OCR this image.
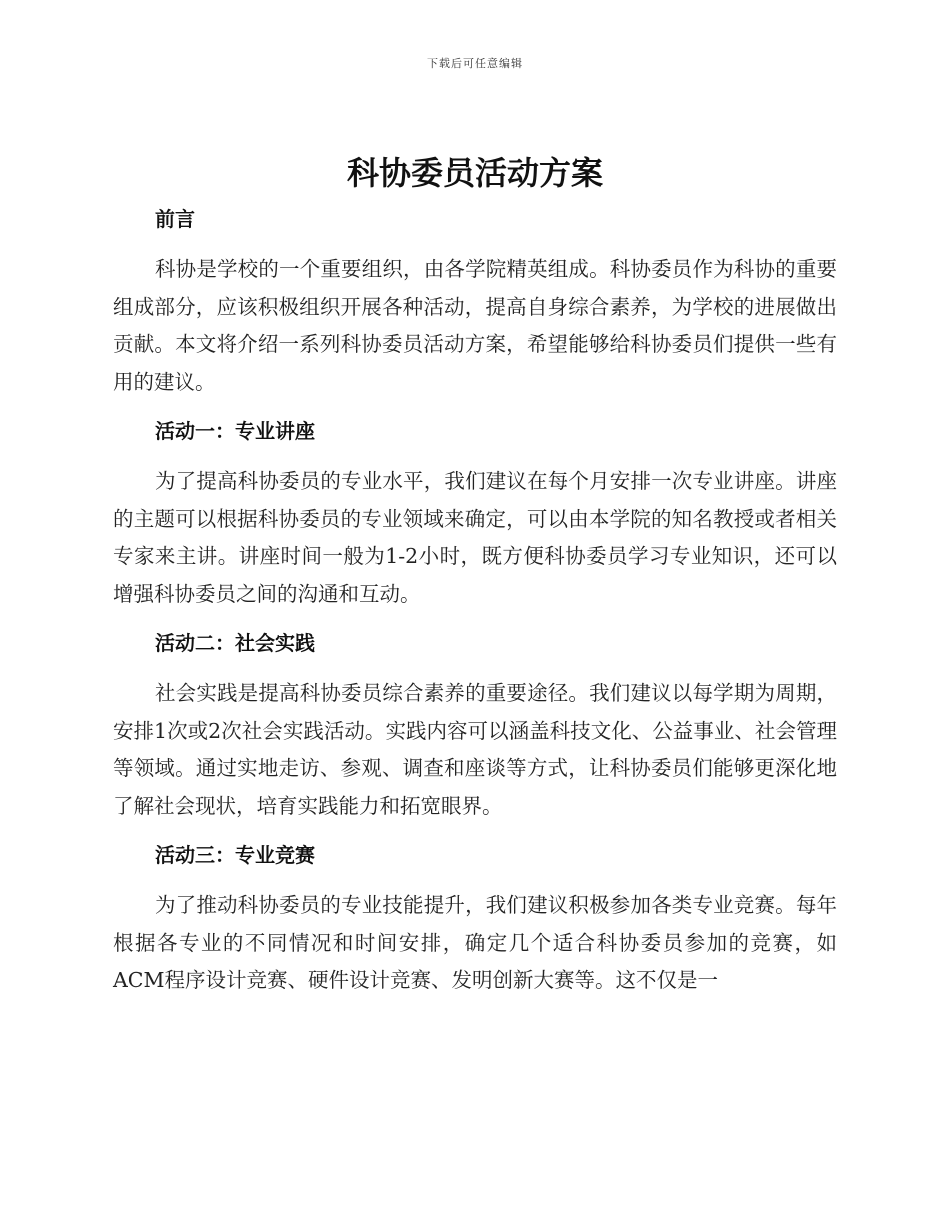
下载后可任意编辑
科协委员活动方案
前言

科协是学校的一个重要组织，由各学院精英组成。科协委员作为科协的重要组成部分，应该积极组织开展各种活动，提高自身综合素养，为学校的进展做出贡献。本文将介绍一系列科协委员活动方案，希望能够给科协委员们提供一些有用的建议。

活动一：专业讲座

为了提高科协委员的专业水平，我们建议在每个月安排一次专业讲座。讲座的主题可以根据科协委员的专业领域来确定，可以由本学院的知名教授或者相关专家来主讲。讲座时间一般为1-2小时，既方便科协委员学习专业知识，还可以增强科协委员之间的沟通和互动。

活动二：社会实践

社会实践是提高科协委员综合素养的重要途径。我们建议以每学期为周期，安排1次或2次社会实践活动。实践内容可以涵盖科技文化、公益事业、社会管理等领域。通过实地走访、参观、调查和座谈等方式，让科协委员们能够更深化地了解社会现状，培育实践能力和拓宽眼界。

活动三：专业竞赛

为了推动科协委员的专业技能提升，我们建议积极参加各类专业竞赛。每年根据各专业的不同情况和时间安排，确定几个适合科协委员参加的竞赛，如ACM程序设计竞赛、硬件设计竞赛、发明创新大赛等。这不仅是一
